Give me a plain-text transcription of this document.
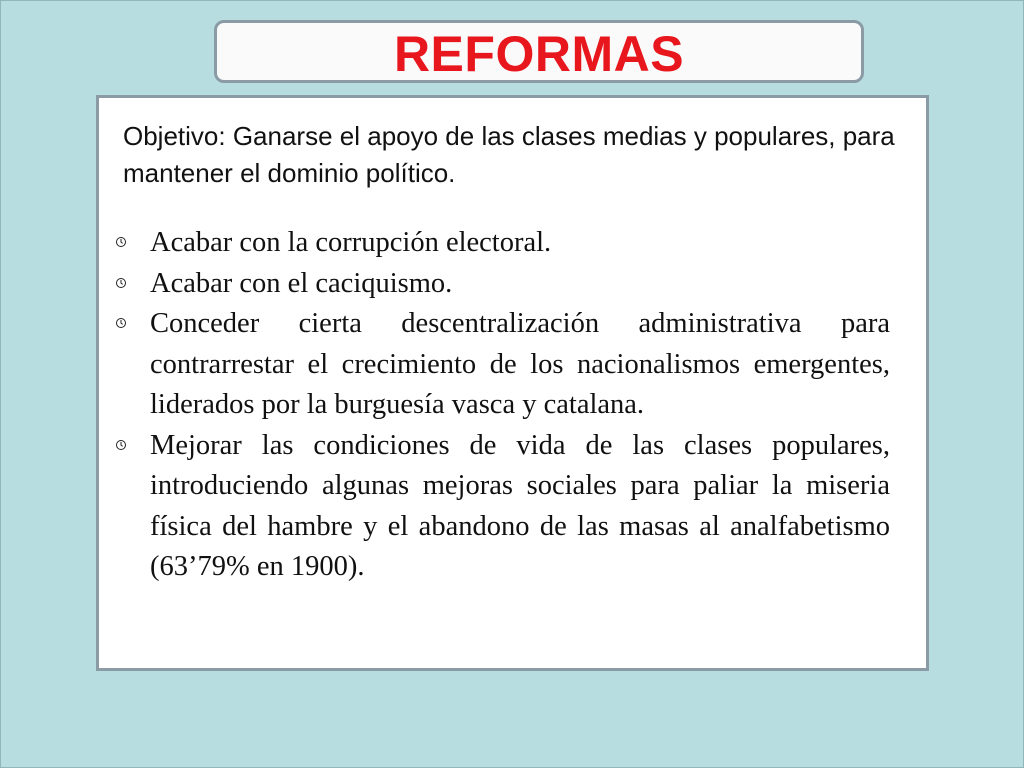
REFORMAS

Objetivo: Ganarse el apoyo de las clases medias y populares, para mantener el dominio político.

Acabar con la corrupción electoral.
Acabar con el caciquismo.
Conceder cierta descentralización administrativa para contrarrestar el crecimiento de los nacionalismos emergentes, liderados por la burguesía vasca y catalana.
Mejorar las condiciones de vida de las clases populares, introduciendo algunas mejoras sociales para paliar la miseria física del hambre y el abandono de las masas al analfabetismo (63’79% en 1900).
